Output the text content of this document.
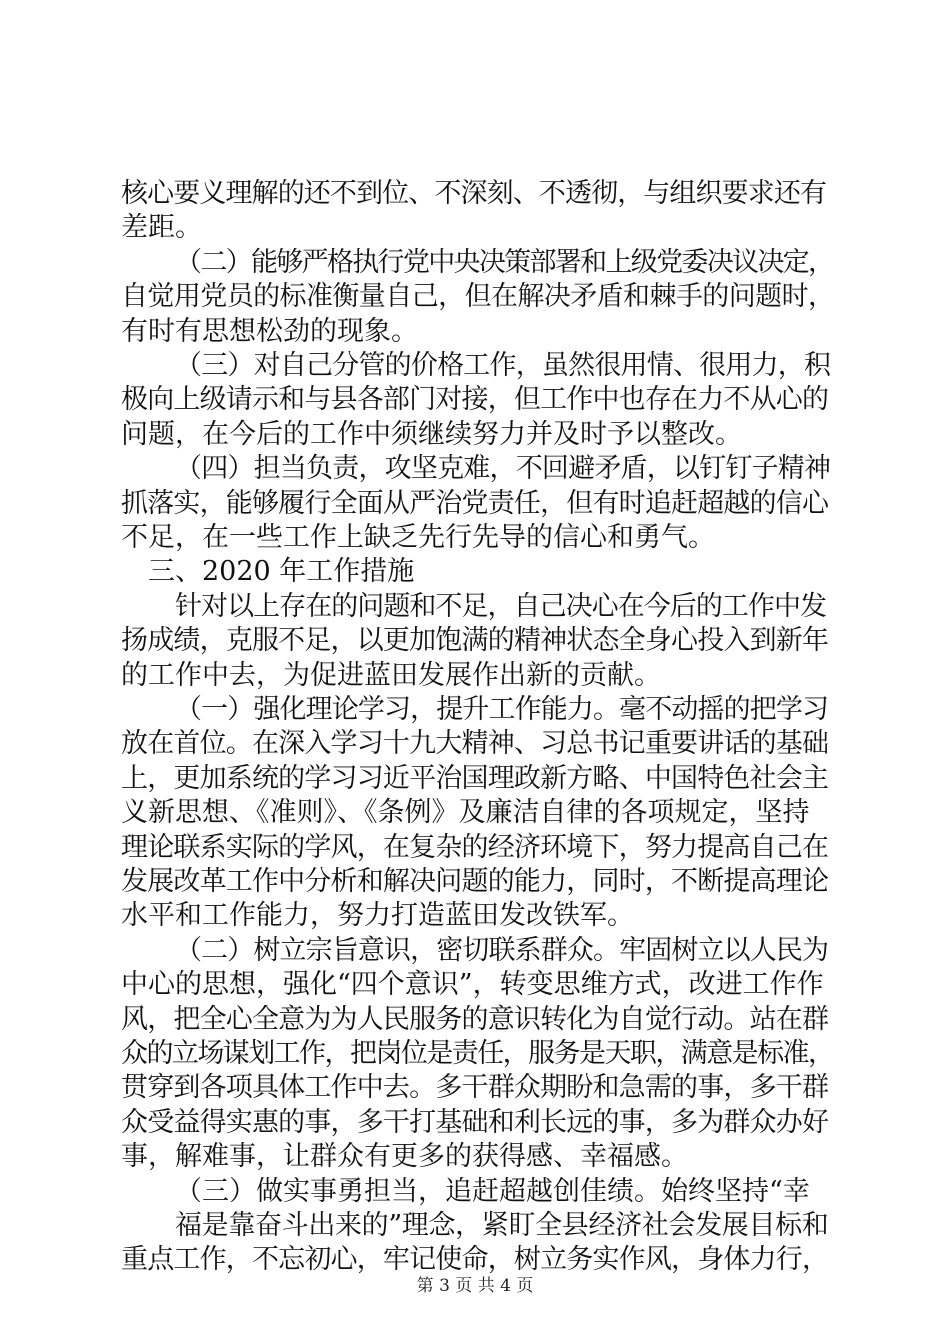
核心要义理解的还不到位、不深刻、不透彻，与组织要求还有
差距。
（二）能够严格执行党中央决策部署和上级党委决议决定，
自觉用党员的标准衡量自己，但在解决矛盾和棘手的问题时，
有时有思想松劲的现象。
（三）对自己分管的价格工作，虽然很用情、很用力，积
极向上级请示和与县各部门对接，但工作中也存在力不从心的
问题，在今后的工作中须继续努力并及时予以整改。
（四）担当负责，攻坚克难，不回避矛盾，以钉钉子精神
抓落实，能够履行全面从严治党责任，但有时追赶超越的信心
不足，在一些工作上缺乏先行先导的信心和勇气。
三、2020 年工作措施
针对以上存在的问题和不足，自己决心在今后的工作中发
扬成绩，克服不足，以更加饱满的精神状态全身心投入到新年
的工作中去，为促进蓝田发展作出新的贡献。
（一）强化理论学习，提升工作能力。毫不动摇的把学习
放在首位。在深入学习十九大精神、习总书记重要讲话的基础
上，更加系统的学习习近平治国理政新方略、中国特色社会主
义新思想、《准则》、《条例》及廉洁自律的各项规定，坚持
理论联系实际的学风，在复杂的经济环境下，努力提高自己在
发展改革工作中分析和解决问题的能力，同时，不断提高理论
水平和工作能力，努力打造蓝田发改铁军。
（二）树立宗旨意识，密切联系群众。牢固树立以人民为
中心的思想，强化“四个意识”，转变思维方式，改进工作作
风，把全心全意为为人民服务的意识转化为自觉行动。站在群
众的立场谋划工作，把岗位是责任，服务是天职，满意是标准，
贯穿到各项具体工作中去。多干群众期盼和急需的事，多干群
众受益得实惠的事，多干打基础和利长远的事，多为群众办好
事，解难事，让群众有更多的获得感、幸福感。
（三）做实事勇担当，追赶超越创佳绩。始终坚持“幸
福是靠奋斗出来的”理念，紧盯全县经济社会发展目标和
重点工作，不忘初心，牢记使命，树立务实作风，身体力行，
第 3 页 共 4 页
